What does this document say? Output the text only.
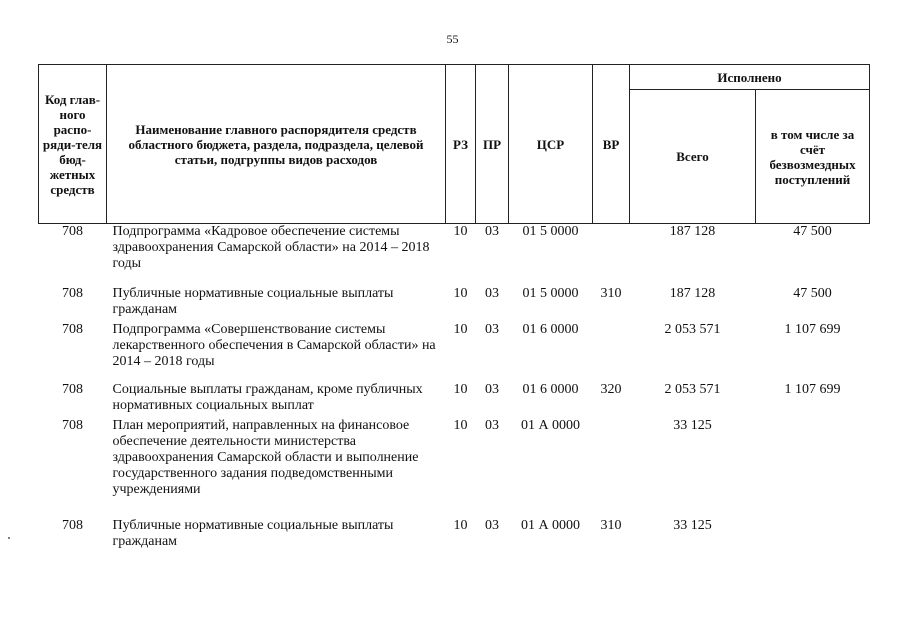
55
Код глав-ного распо-ряди-теля бюд-жетных средств	Наименование главного распорядителя средств областного бюджета, раздела, подраздела, целевой статьи, подгруппы видов расходов	РЗ	ПР	ЦСР	ВР	Исполнено	
						Всего	в том числе за счёт безвозмездных поступлений
708	Подпрограмма «Кадровое обеспечение системы здравоохранения Самарской области» на 2014 – 2018 годы	10	03	01 5 0000		187 128	47 500
708	Публичные нормативные социальные выплаты гражданам	10	03	01 5 0000	310	187 128	47 500
708	Подпрограмма «Совершенствование системы лекарственного обеспечения в Самарской области» на 2014 – 2018 годы	10	03	01 6 0000		2 053 571	1 107 699
708	Социальные выплаты гражданам, кроме публичных нормативных социальных выплат	10	03	01 6 0000	320	2 053 571	1 107 699
708	План мероприятий, направленных на финансовое обеспечение деятельности министерства здравоохранения Самарской области и выполнение государственного задания подведомственными учреждениями	10	03	01 А 0000		33 125	
708	Публичные нормативные социальные выплаты гражданам	10	03	01 А 0000	310	33 125	
